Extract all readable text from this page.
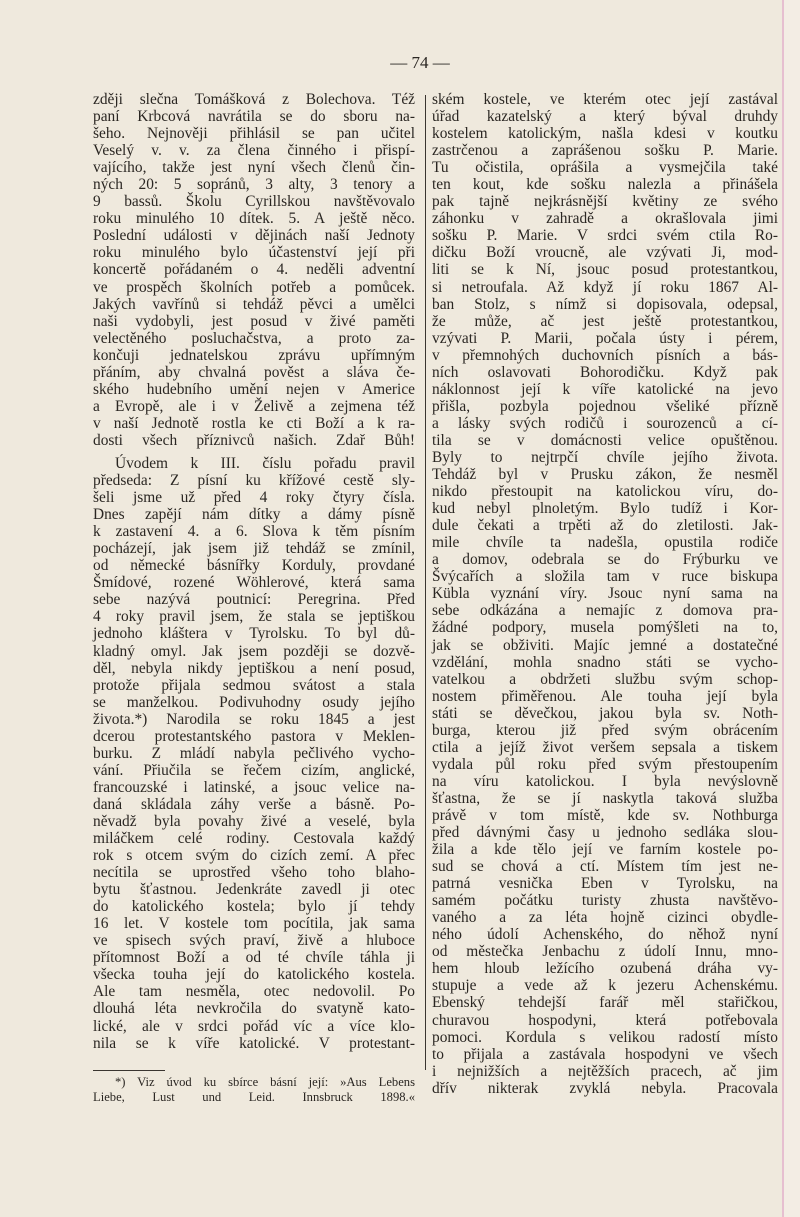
— 74 —
zději slečna Tomášková z Bolechova. Též
paní Krbcová navrátila se do sboru na-
šeho. Nejnověji přihlásil se pan učitel
Veselý v. v. za člena činného i přispí-
vajícího, takže jest nyní všech členů čin-
ných 20: 5 sopránů, 3 alty, 3 tenory a
9 bassů. Školu Cyrillskou navštěvovalo
roku minulého 10 dítek. 5. A ještě něco.
Poslední události v dějinách naší Jednoty
roku minulého bylo účastenství její při
koncertě pořádaném o 4. neděli adventní
ve prospěch školních potřeb a pomůcek.
Jakých vavřínů si tehdáž pěvci a umělci
naši vydobyli, jest posud v živé paměti
velectěného posluchačstva, a proto za-
končuji jednatelskou zprávu upřímným
přáním, aby chvalná pověst a sláva če-
ského hudebního umění nejen v Americe
a Evropě, ale i v Želivě a zejmena též
v naší Jednotě rostla ke cti Boží a k ra-
dosti všech příznivců našich. Zdař Bůh!
Úvodem k III. číslu pořadu pravil
předseda: Z písní ku křížové cestě sly-
šeli jsme už před 4 roky čtyry čísla.
Dnes zapějí nám dítky a dámy písně
k zastavení 4. a 6. Slova k těm písním
pocházejí, jak jsem již tehdáž se zmínil,
od německé básnířky Korduly, provdané
Šmídové, rozené Wöhlerové, která sama
sebe nazývá poutnicí: Peregrina. Před
4 roky pravil jsem, že stala se jeptiškou
jednoho kláštera v Tyrolsku. To byl dů-
kladný omyl. Jak jsem později se dozvě-
děl, nebyla nikdy jeptiškou a není posud,
protože přijala sedmou svátost a stala
se manželkou. Podivuhodny osudy jejího
života.*) Narodila se roku 1845 a jest
dcerou protestantského pastora v Meklen-
burku. Z mládí nabyla pečlivého vycho-
vání. Přiučila se řečem cizím, anglické,
francouzské i latinské, a jsouc velice na-
daná skládala záhy verše a básně. Po-
něvadž byla povahy živé a veselé, byla
miláčkem celé rodiny. Cestovala každý
rok s otcem svým do cizích zemí. A přec
necítila se uprostřed všeho toho blaho-
bytu šťastnou. Jedenkráte zavedl ji otec
do katolického kostela; bylo jí tehdy
16 let. V kostele tom pocítila, jak sama
ve spisech svých praví, živě a hluboce
přítomnost Boží a od té chvíle táhla ji
všecka touha její do katolického kostela.
Ale tam nesměla, otec nedovolil. Po
dlouhá léta nevkročila do svatyně kato-
lické, ale v srdci pořád víc a více klo-
nila se k víře katolické. V protestant-
ském kostele, ve kterém otec její zastával
úřad kazatelský a který býval druhdy
kostelem katolickým, našla kdesi v koutku
zastrčenou a zaprášenou sošku P. Marie.
Tu očistila, oprášila a vysmejčila také
ten kout, kde sošku nalezla a přinášela
pak tajně nejkrásnější květiny ze svého
záhonku v zahradě a okrašlovala jimi
sošku P. Marie. V srdci svém ctila Ro-
dičku Boží vroucně, ale vzývati Ji, mod-
liti se k Ní, jsouc posud protestantkou,
si netroufala. Až když jí roku 1867 Al-
ban Stolz, s nímž si dopisovala, odepsal,
že může, ač jest ještě protestantkou,
vzývati P. Marii, počala ústy i pérem,
v přemnohých duchovních písních a bás-
ních oslavovati Bohorodičku. Když pak
náklonnost její k víře katolické na jevo
přišla, pozbyla pojednou všeliké přízně
a lásky svých rodičů i sourozenců a cí-
tila se v domácnosti velice opuštěnou.
Byly to nejtrpčí chvíle jejího života.
Tehdáž byl v Prusku zákon, že nesměl
nikdo přestoupit na katolickou víru, do-
kud nebyl plnoletým. Bylo tudíž i Kor-
dule čekati a trpěti až do zletilosti. Jak-
mile chvíle ta nadešla, opustila rodiče
a domov, odebrala se do Frýburku ve
Švýcařích a složila tam v ruce biskupa
Kübla vyznání víry. Jsouc nyní sama na
sebe odkázána a nemajíc z domova pra-
žádné podpory, musela pomýšleti na to,
jak se obživiti. Majíc jemné a dostatečné
vzdělání, mohla snadno státi se vycho-
vatelkou a obdržeti službu svým schop-
nostem přiměřenou. Ale touha její byla
státi se děvečkou, jakou byla sv. Noth-
burga, kterou již před svým obrácením
ctila a jejíž život veršem sepsala a tiskem
vydala půl roku před svým přestoupením
na víru katolickou. I byla nevýslovně
šťastna, že se jí naskytla taková služba
právě v tom místě, kde sv. Nothburga
před dávnými časy u jednoho sedláka slou-
žila a kde tělo její ve farním kostele po-
sud se chová a ctí. Místem tím jest ne-
patrná vesnička Eben v Tyrolsku, na
samém počátku turisty zhusta navštěvo-
vaného a za léta hojně cizinci obydle-
ného údolí Achenského, do něhož nyní
od městečka Jenbachu z údolí Innu, mno-
hem hloub ležícího ozubená dráha vy-
stupuje a vede až k jezeru Achenskému.
Ebenský tehdejší farář měl stařičkou,
churavou hospodyni, která potřebovala
pomoci. Kordula s velikou radostí místo
to přijala a zastávala hospodyni ve všech
i nejnižších a nejtěžších pracech, ač jim
dřív nikterak zvyklá nebyla. Pracovala
*) Viz úvod ku sbírce básní její: »Aus Lebens
Liebe, Lust und Leid. Innsbruck 1898.«
